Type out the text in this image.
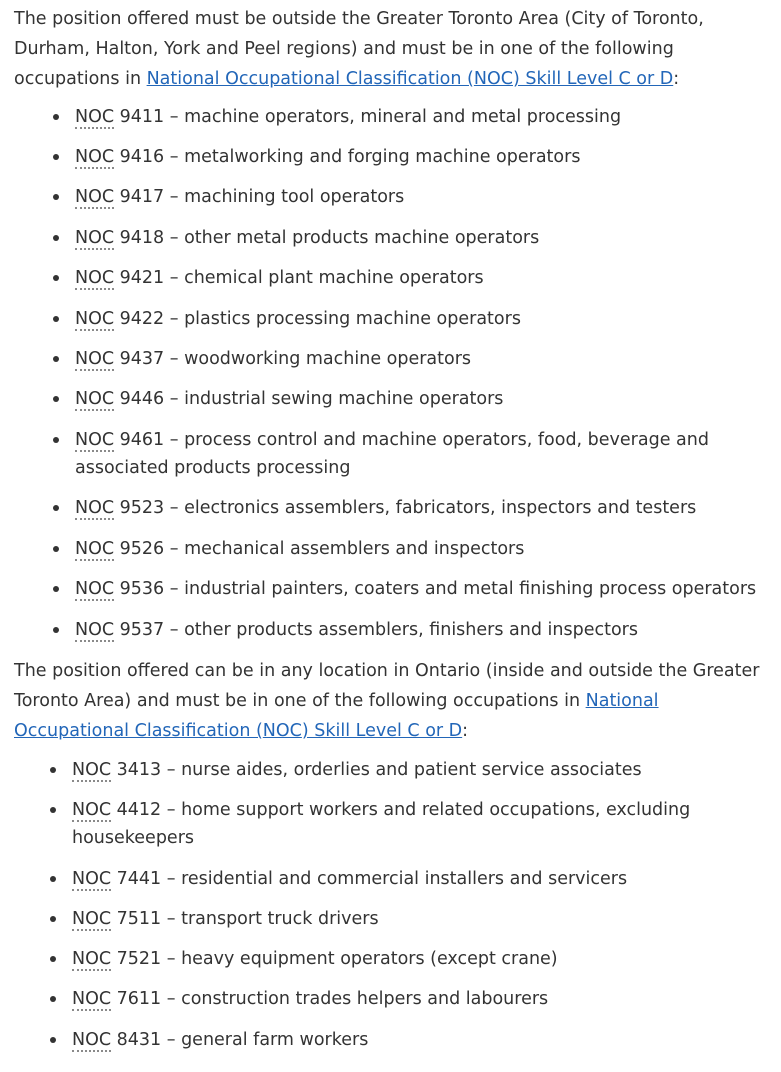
The position offered must be outside the Greater Toronto Area (City of Toronto,
Durham, Halton, York and Peel regions) and must be in one of the following
occupations in National Occupational Classification (NOC) Skill Level C or D:

NOC 9411 – machine operators, mineral and metal processing
NOC 9416 – metalworking and forging machine operators
NOC 9417 – machining tool operators
NOC 9418 – other metal products machine operators
NOC 9421 – chemical plant machine operators
NOC 9422 – plastics processing machine operators
NOC 9437 – woodworking machine operators
NOC 9446 – industrial sewing machine operators
NOC 9461 – process control and machine operators, food, beverage and
associated products processing
NOC 9523 – electronics assemblers, fabricators, inspectors and testers
NOC 9526 – mechanical assemblers and inspectors
NOC 9536 – industrial painters, coaters and metal finishing process operators
NOC 9537 – other products assemblers, finishers and inspectors

The position offered can be in any location in Ontario (inside and outside the Greater
Toronto Area) and must be in one of the following occupations in National
Occupational Classification (NOC) Skill Level C or D:

NOC 3413 – nurse aides, orderlies and patient service associates
NOC 4412 – home support workers and related occupations, excluding
housekeepers
NOC 7441 – residential and commercial installers and servicers
NOC 7511 – transport truck drivers
NOC 7521 – heavy equipment operators (except crane)
NOC 7611 – construction trades helpers and labourers
NOC 8431 – general farm workers
